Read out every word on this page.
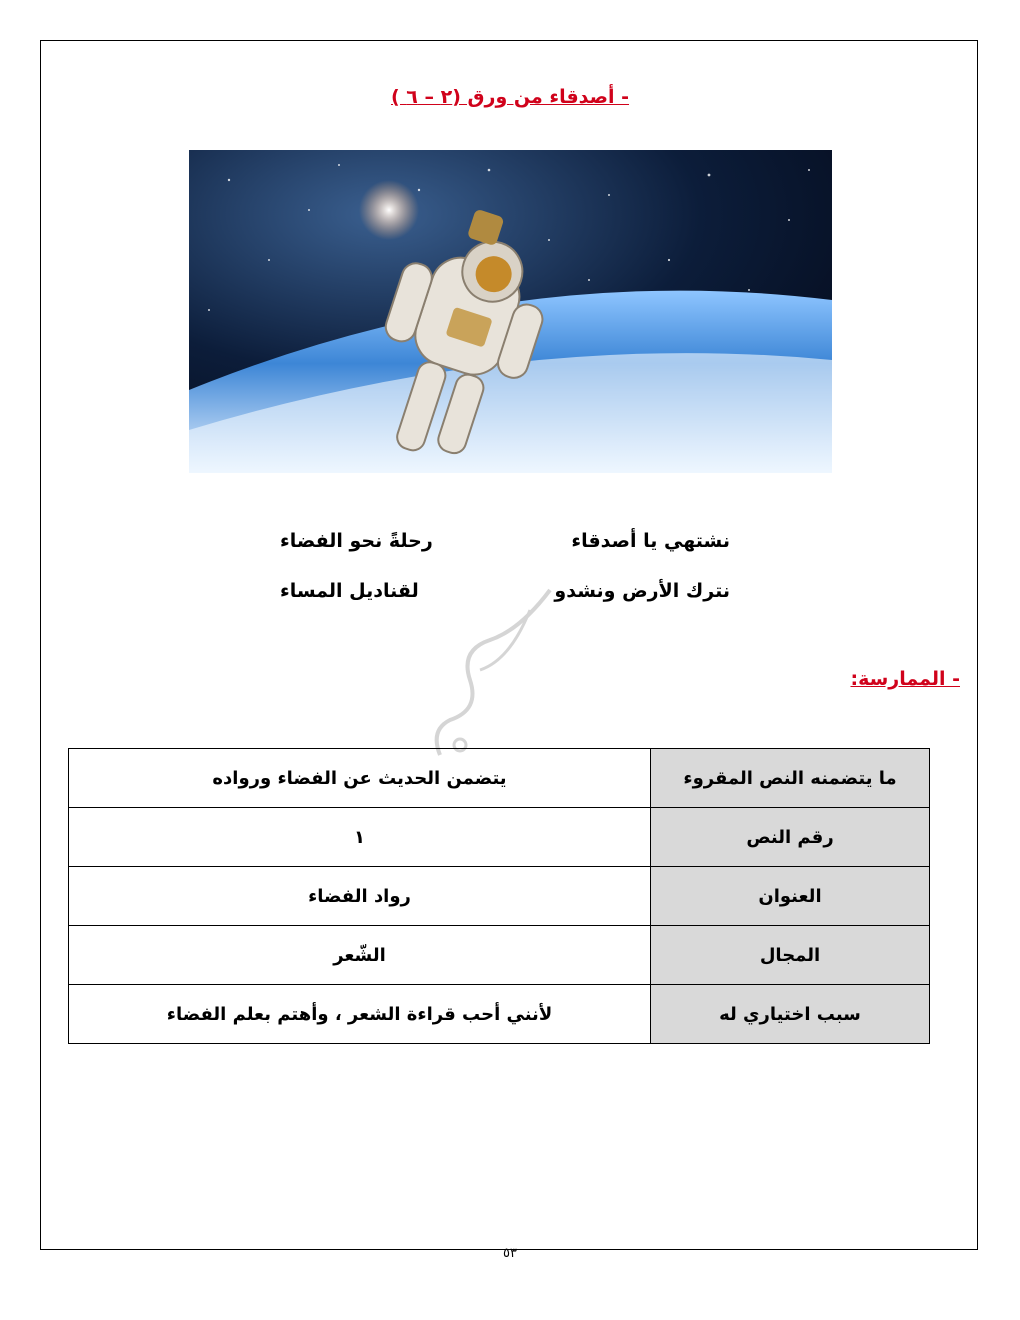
- أصدقاء من ورق (٢ – ٦ )
نشتهي يا أصدقاء
رحلةً نحو الفضاء
نترك الأرض ونشدو
لقناديل المساء
- الممارسة:
ما يتضمنه النص المقروء	يتضمن الحديث عن الفضاء ورواده
رقم النص	١
العنوان	رواد الفضاء
المجال	الشّعر
سبب اختياري له	لأنني أحب قراءة الشعر ، وأهتم بعلم الفضاء
٥٣
